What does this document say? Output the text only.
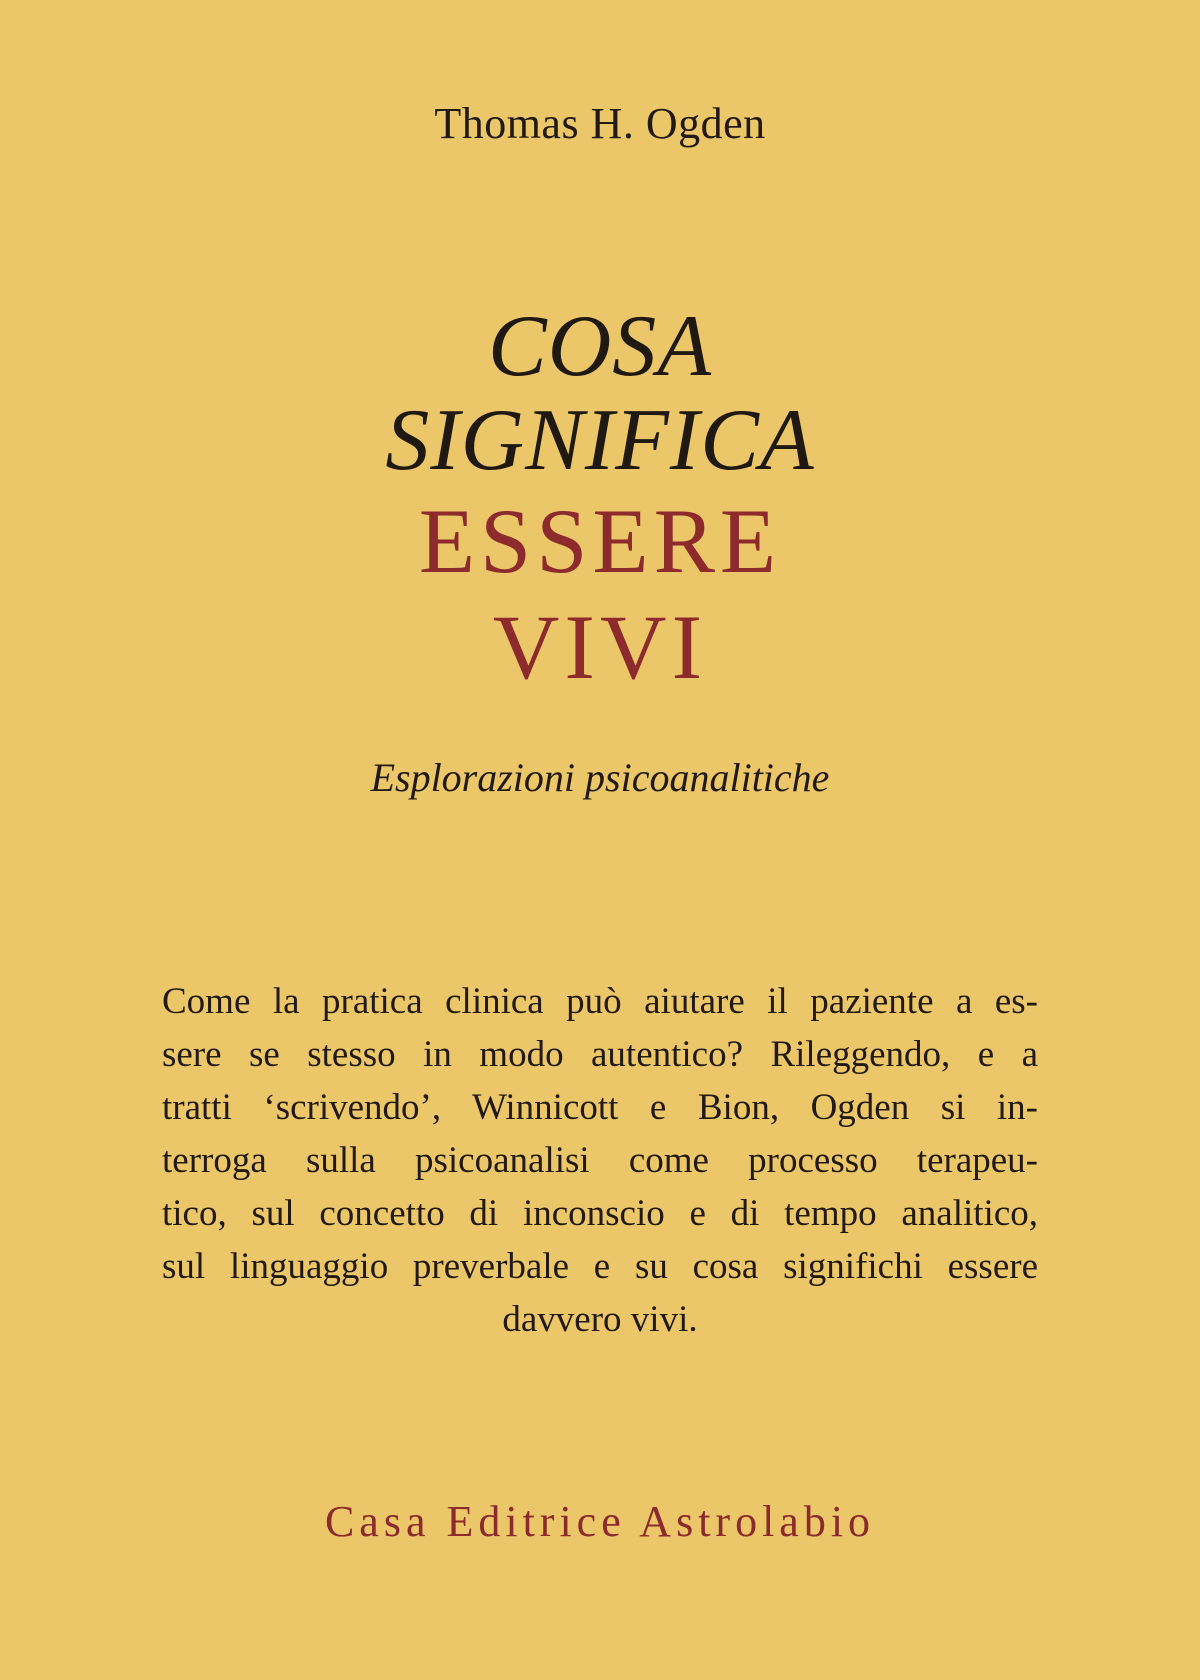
Thomas H. Ogden
COSA
SIGNIFICA
ESSERE
VIVI
Esplorazioni psicoanalitiche
Come la pratica clinica può aiutare il paziente a es-
sere se stesso in modo autentico? Rileggendo, e a
tratti ‘scrivendo’, Winnicott e Bion, Ogden si in-
terroga sulla psicoanalisi come processo terapeu-
tico, sul concetto di inconscio e di tempo analitico,
sul linguaggio preverbale e su cosa significhi essere
davvero vivi.
Casa Editrice Astrolabio
